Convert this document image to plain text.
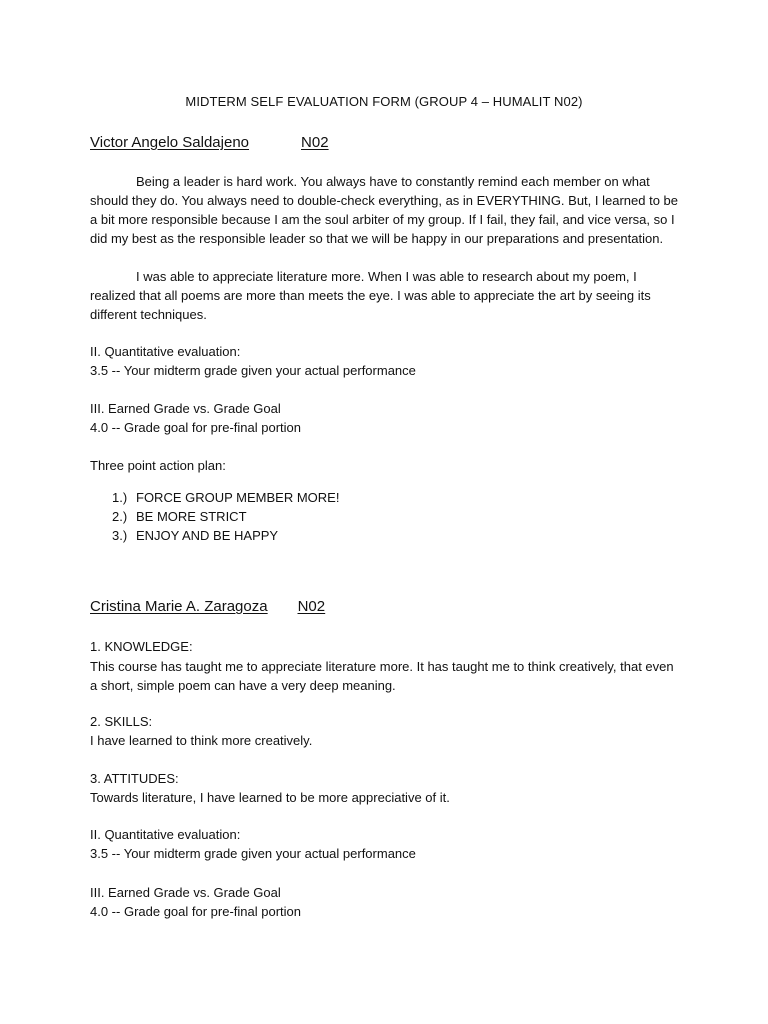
MIDTERM SELF EVALUATION FORM (GROUP 4 – HUMALIT N02)
Victor Angelo Saldajeno	N02

Being a leader is hard work. You always have to constantly remind each member on what should they do. You always need to double-check everything, as in EVERYTHING. But, I learned to be a bit more responsible because I am the soul arbiter of my group. If I fail, they fail, and vice versa, so I did my best as the responsible leader so that we will be happy in our preparations and presentation.

I was able to appreciate literature more. When I was able to research about my poem, I realized that all poems are more than meets the eye. I was able to appreciate the art by seeing its different techniques.

II. Quantitative evaluation:
3.5 -- Your midterm grade given your actual performance
III. Earned Grade vs. Grade Goal
4.0 -- Grade goal for pre-final portion
Three point action plan:
1.) FORCE GROUP MEMBER MORE!
2.) BE MORE STRICT
3.) ENJOY AND BE HAPPY
Cristina Marie A. Zaragoza N02
1. KNOWLEDGE:

This course has taught me to appreciate literature more. It has taught me to think creatively, that even a short, simple poem can have a very deep meaning.

2. SKILLS:
I have learned to think more creatively.
3. ATTITUDES:
Towards literature, I have learned to be more appreciative of it.
II. Quantitative evaluation:
3.5 -- Your midterm grade given your actual performance
III. Earned Grade vs. Grade Goal
4.0 -- Grade goal for pre-final portion
